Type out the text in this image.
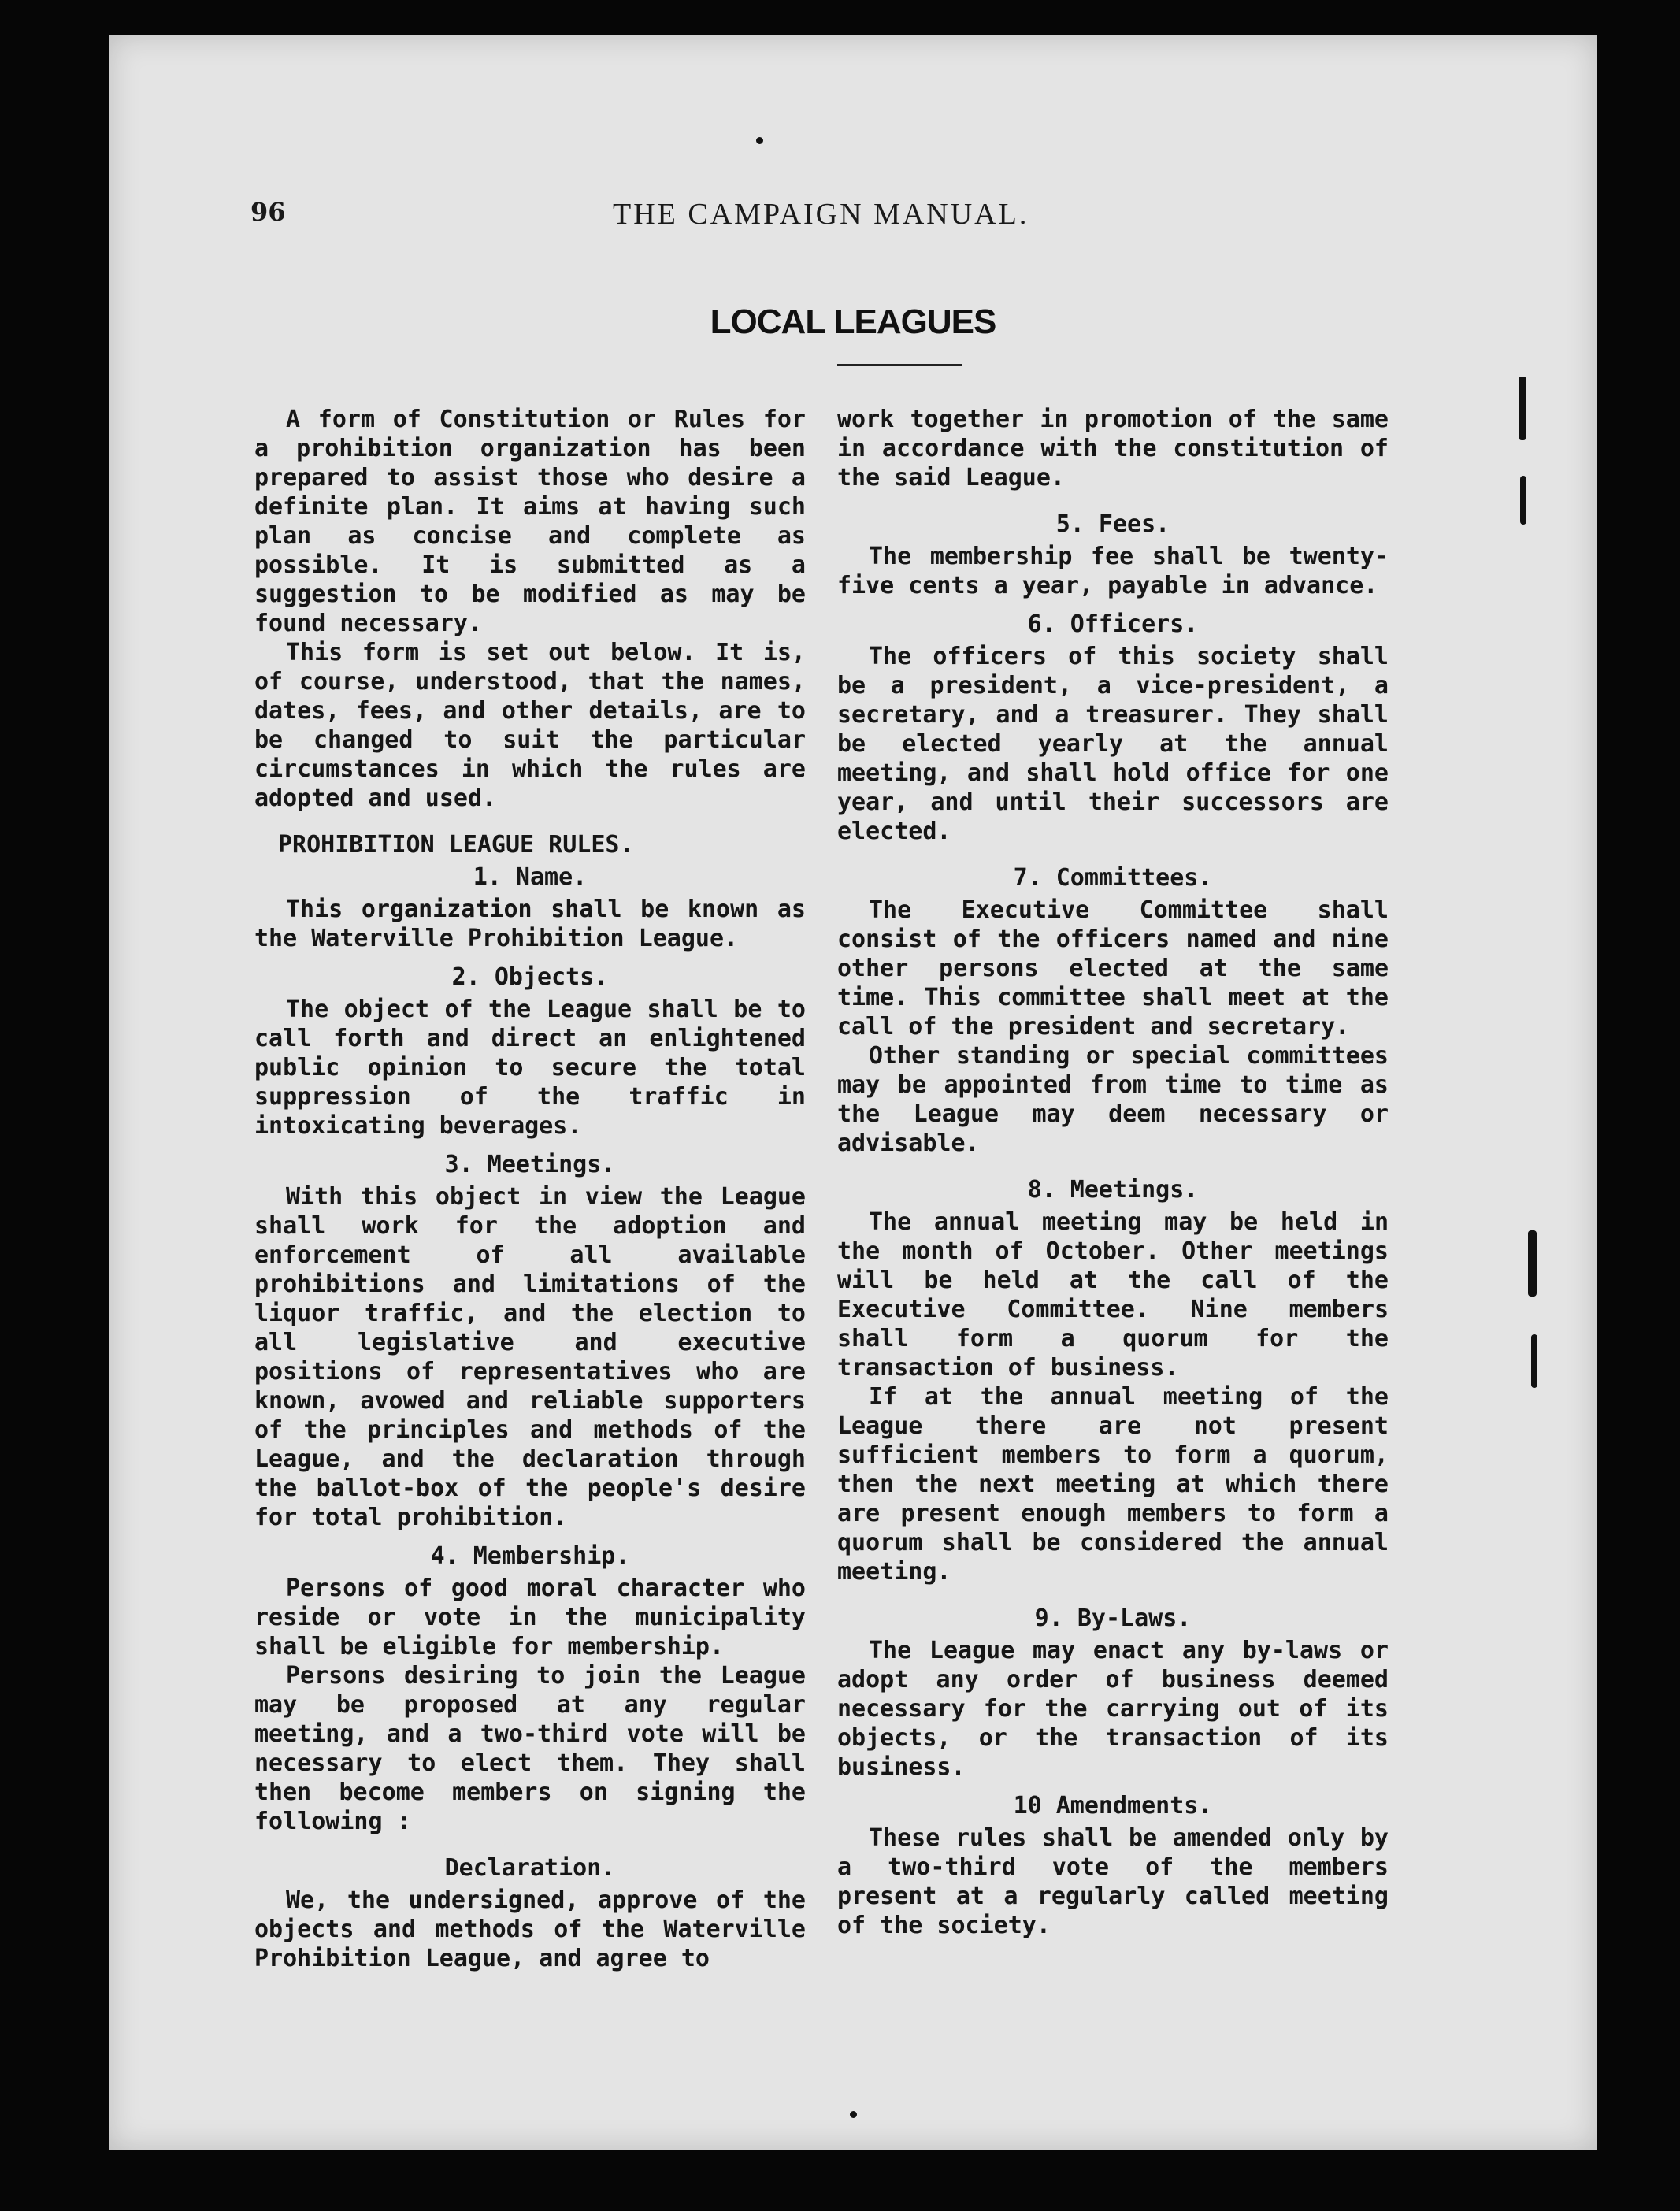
96	THE CAMPAIGN MANUAL.
LOCAL LEAGUES

A form of Constitution or Rules for a prohibition organization has been prepared to assist those who desire a definite plan. It aims at having such plan as concise and complete as possible. It is submitted as a suggestion to be modified as may be found necessary.

This form is set out below. It is, of course, understood, that the names, dates, fees, and other details, are to be changed to suit the particular circumstances in which the rules are adopted and used.

PROHIBITION LEAGUE RULES.
1. Name.

This organization shall be known as the Waterville Prohibition League.

2. Objects.

The object of the League shall be to call forth and direct an enlightened public opinion to secure the total suppression of the traffic in intoxicating beverages.

3. Meetings.

With this object in view the League shall work for the adoption and enforcement of all available prohibitions and limitations of the liquor traffic, and the election to all legislative and executive positions of representatives who are known, avowed and reliable supporters of the principles and methods of the League, and the declaration through the ballot-box of the people's desire for total prohibition.

4. Membership.

Persons of good moral character who reside or vote in the municipality shall be eligible for membership.

Persons desiring to join the League may be proposed at any regular meeting, and a two-third vote will be necessary to elect them. They shall then become members on signing the following :

Declaration.

We, the undersigned, approve of the objects and methods of the Waterville Prohibition League, and agree to

work together in promotion of the same in accordance with the constitution of the said League.

5. Fees.

The membership fee shall be twenty-five cents a year, payable in advance.

6. Officers.

The officers of this society shall be a president, a vice-president, a secretary, and a treasurer. They shall be elected yearly at the annual meeting, and shall hold office for one year, and until their successors are elected.

7. Committees.

The Executive Committee shall consist of the officers named and nine other persons elected at the same time. This committee shall meet at the call of the president and secretary.

Other standing or special committees may be appointed from time to time as the League may deem necessary or advisable.

8. Meetings.

The annual meeting may be held in the month of October. Other meetings will be held at the call of the Executive Committee. Nine members shall form a quorum for the transaction of business.

If at the annual meeting of the League there are not present sufficient members to form a quorum, then the next meeting at which there are present enough members to form a quorum shall be considered the annual meeting.

9. By-Laws.

The League may enact any by-laws or adopt any order of business deemed necessary for the carrying out of its objects, or the transaction of its business.

10 Amendments.

These rules shall be amended only by a two-third vote of the members present at a regularly called meeting of the society.
